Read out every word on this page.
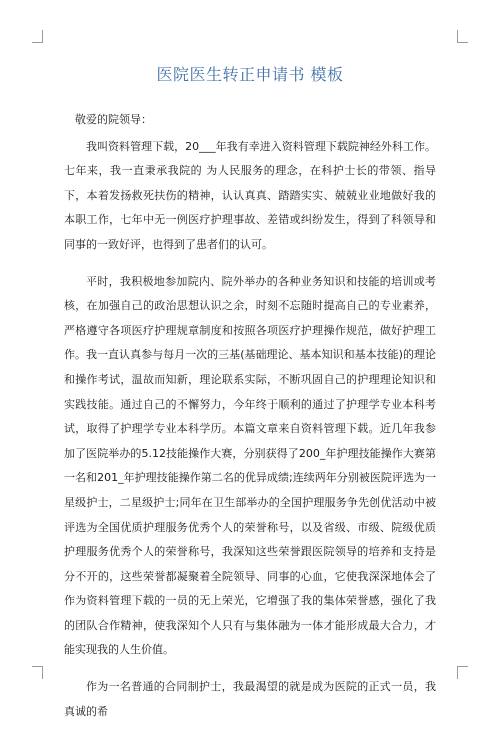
医院医生转正申请书 模板

敬爱的院领导：

我叫资料管理下载，20___年我有幸进入资料管理下载院神经外科工作。七年来，我一直秉承我院的 为人民服务的理念，在科护士长的带领、指导下，本着发扬救死扶伤的精神，认认真真、踏踏实实、兢兢业业地做好我的本职工作，七年中无一例医疗护理事故、差错或纠纷发生，得到了科领导和同事的一致好评，也得到了患者们的认可。

平时，我积极地参加院内、院外举办的各种业务知识和技能的培训或考核，在加强自己的政治思想认识之余，时刻不忘随时提高自己的专业素养，严格遵守各项医疗护理规章制度和按照各项医疗护理操作规范，做好护理工作。我一直认真参与每月一次的三基(基础理论、基本知识和基本技能)的理论和操作考试，温故而知新，理论联系实际，不断巩固自己的护理理论知识和实践技能。通过自己的不懈努力，今年终于顺利的通过了护理学专业本科考试，取得了护理学专业本科学历。本篇文章来自资料管理下载。近几年我参加了医院举办的5.12技能操作大赛，分别获得了200_年护理技能操作大赛第一名和201_年护理技能操作第二名的优异成绩;连续两年分别被医院评选为一星级护士，二星级护士;同年在卫生部举办的全国护理服务争先创优活动中被评选为全国优质护理服务优秀个人的荣誉称号，以及省级、市级、院级优质护理服务优秀个人的荣誉称号，我深知这些荣誉跟医院领导的培养和支持是分不开的，这些荣誉都凝聚着全院领导、同事的心血，它使我深深地体会了作为资料管理下载的一员的无上荣光，它增强了我的集体荣誉感，强化了我的团队合作精神，使我深知个人只有与集体融为一体才能形成最大合力，才能实现我的人生价值。

作为一名普通的合同制护士，我最渴望的就是成为医院的正式一员，我真诚的希
